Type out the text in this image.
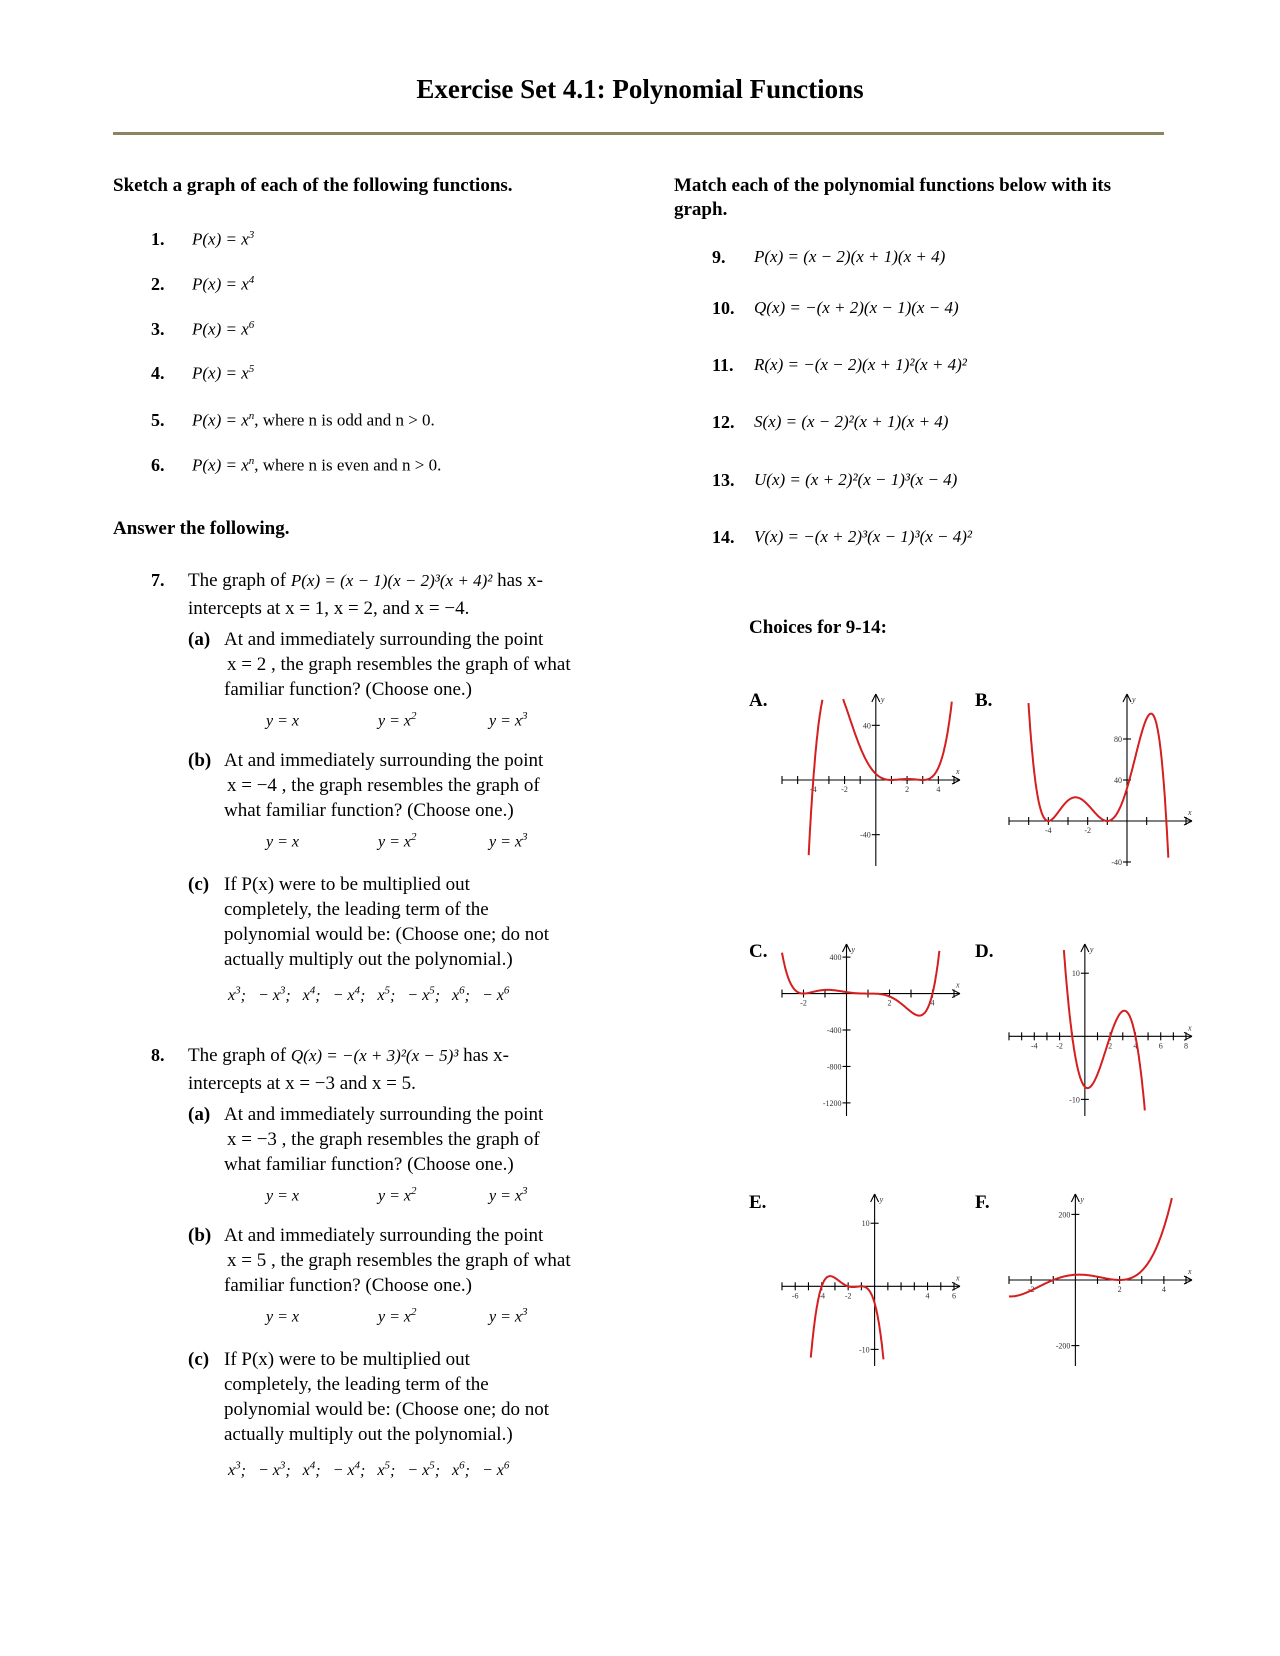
Exercise Set 4.1: Polynomial Functions
Sketch a graph of each of the following functions.
1. $P(x) = x^3$
2. $P(x) = x^4$
3. $P(x) = x^6$
4. $P(x) = x^5$
5. $P(x) = x^n$, where n is odd and n > 0.
6. $P(x) = x^n$, where n is even and n > 0.
Answer the following.
7. The graph of P(x) = (x − 1)(x − 2)³(x + 4)² has x-
intercepts at x = 1, x = 2, and x = −4.
(a) At and immediately surrounding the point
x = 2 , the graph resembles the graph of what
familiar function? (Choose one.)
y = x	$y = x^2$	$y = x^3$
(b) At and immediately surrounding the point
x = −4 , the graph resembles the graph of
what familiar function? (Choose one.)
y = x	$y = x^2$	$y = x^3$
(c) If P(x) were to be multiplied out
completely, the leading term of the
polynomial would be: (Choose one; do not
actually multiply out the polynomial.)
$x^3$;   − $x^3$;   $x^4$;   − $x^4$;   $x^5$;   − $x^5$;   $x^6$;   − $x^6$
8. The graph of Q(x) = −(x + 3)²(x − 5)³ has x-
intercepts at x = −3 and x = 5.
(a) At and immediately surrounding the point
x = −3 , the graph resembles the graph of
what familiar function? (Choose one.)
y = x	$y = x^2$	$y = x^3$
(b) At and immediately surrounding the point
x = 5 , the graph resembles the graph of what
familiar function? (Choose one.)
y = x	$y = x^2$	$y = x^3$
(c) If P(x) were to be multiplied out
completely, the leading term of the
polynomial would be: (Choose one; do not
actually multiply out the polynomial.)
$x^3$;   − $x^3$;   $x^4$;   − $x^4$;   $x^5$;   − $x^5$;   $x^6$;   − $x^6$
Match each of the polynomial functions below with its
graph.
9. P(x) = (x − 2)(x + 1)(x + 4)
10. Q(x) = −(x + 2)(x − 1)(x − 4)
11. R(x) = −(x − 2)(x + 1)²(x + 4)²
12. S(x) = (x − 2)²(x + 1)(x + 4)
13. U(x) = (x + 2)²(x − 1)³(x − 4)
14. V(x) = −(x + 2)³(x − 1)³(x − 4)²
Choices for 9-14:
A.	B.
C.	D.
E.	F.
-4	-2	2	4
40
-40
x
y
-4	-2
80
40
-40
x
y
-2	2	4
400
-400
-800
-1200
x
y
-4 -2	2	4	6	8
10
-10
x
y
-6 -4 -2	4	6
10
-10
x
y
-2	2	4
200
-200
x
y
